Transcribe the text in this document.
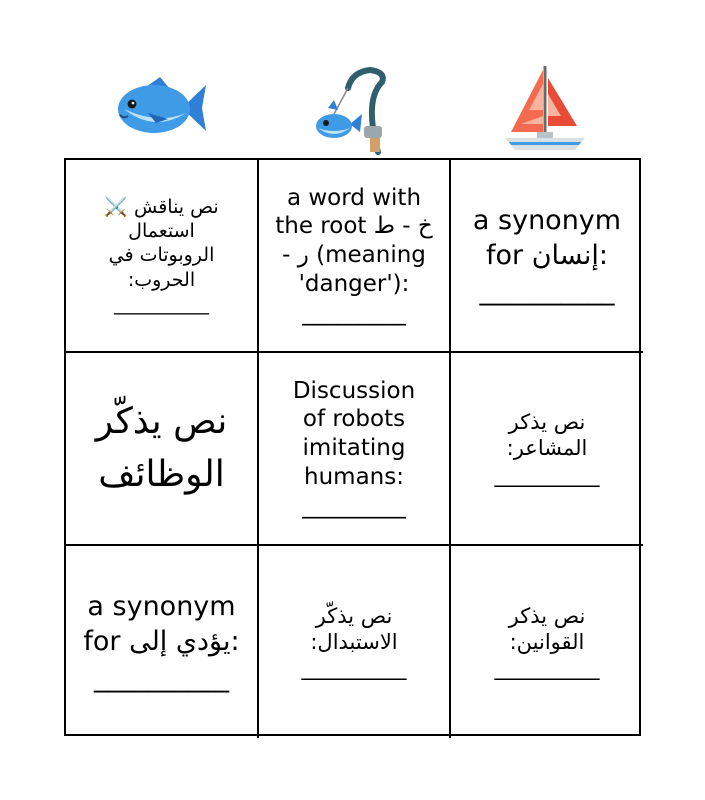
نص يناقش ⚔️
استعمال
الروبوتات في
الحروب:
__________
a word with
the root خ - ط
- ر (meaning
'danger'):
_________
a synonym
for إنسان:
__________
نص يذكّر
الوظائف
Discussion
of robots
imitating
humans:
_________
نص يذكر
المشاعر:
__________
a synonym
for يؤدي إلى:
__________
نص يذكّر
الاستبدال:
__________
نص يذكر
القوانين:
__________
